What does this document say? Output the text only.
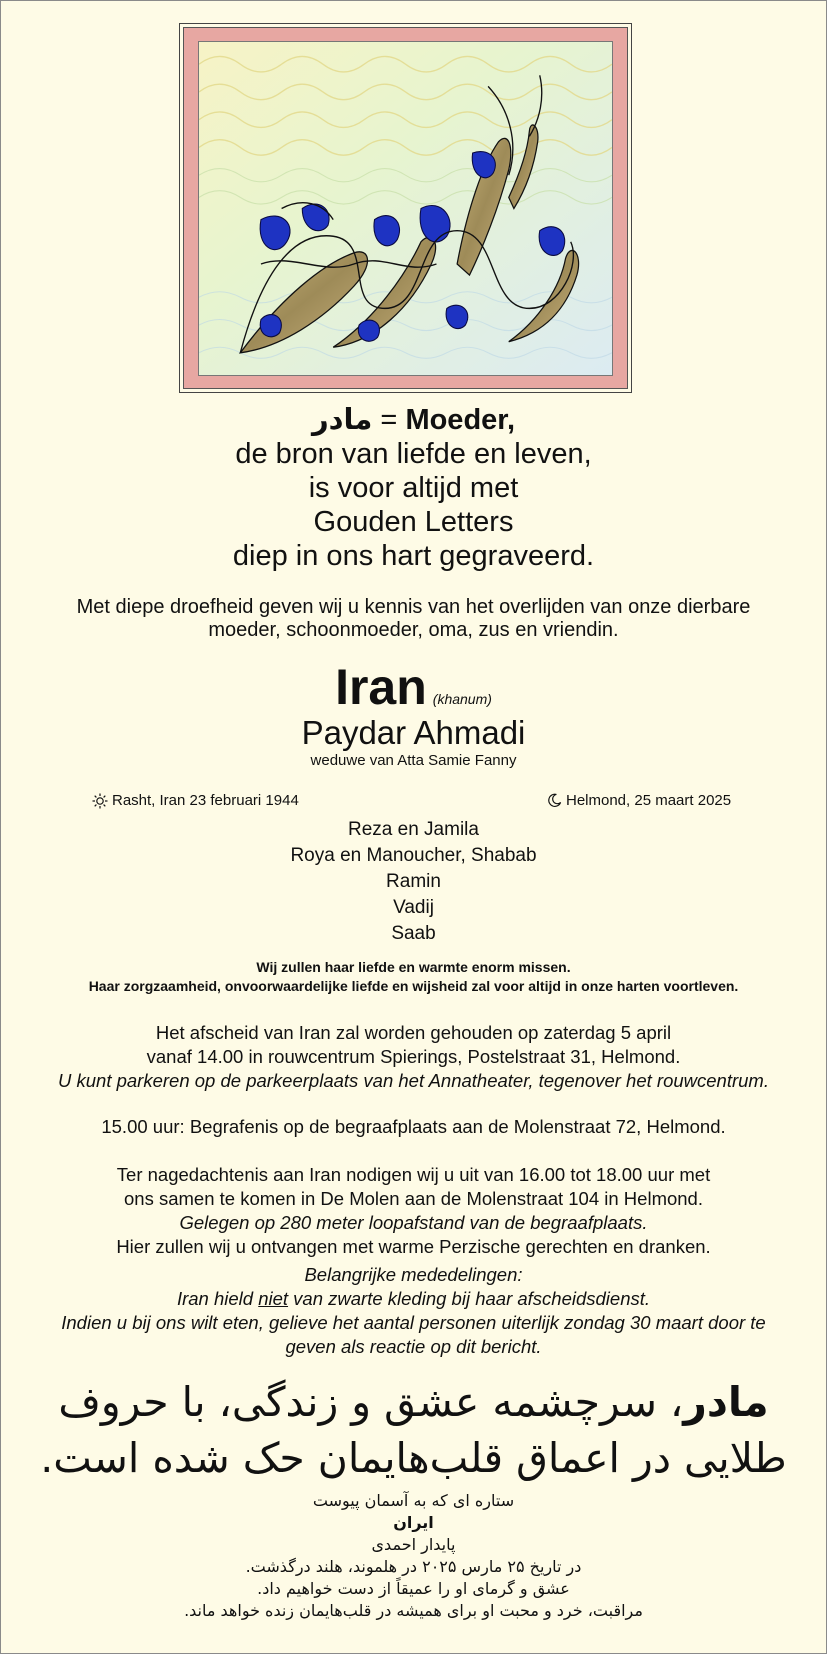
مادر = Moeder,
de bron van liefde en leven,
is voor altijd met
Gouden Letters
diep in ons hart gegraveerd.
Met diepe droefheid geven wij u kennis van het overlijden van onze dierbare
moeder, schoonmoeder, oma, zus en vriendin.
Iran (khanum)
Paydar Ahmadi
weduwe van Atta Samie Fanny
Rasht, Iran 23 februari 1944	Helmond, 25 maart 2025
Reza en Jamila
Roya en Manoucher, Shabab
Ramin
Vadij
Saab
Wij zullen haar liefde en warmte enorm missen.
Haar zorgzaamheid, onvoorwaardelijke liefde en wijsheid zal voor altijd in onze harten voortleven.
Het afscheid van Iran zal worden gehouden op zaterdag 5 april
vanaf 14.00 in rouwcentrum Spierings, Postelstraat 31, Helmond.
U kunt parkeren op de parkeerplaats van het Annatheater, tegenover het rouwcentrum.
15.00 uur: Begrafenis op de begraafplaats aan de Molenstraat 72, Helmond.
Ter nagedachtenis aan Iran nodigen wij u uit van 16.00 tot 18.00 uur met
ons samen te komen in De Molen aan de Molenstraat 104 in Helmond.
Gelegen op 280 meter loopafstand van de begraafplaats.
Hier zullen wij u ontvangen met warme Perzische gerechten en dranken.
Belangrijke mededelingen:
Iran hield niet van zwarte kleding bij haar afscheidsdienst.
Indien u bij ons wilt eten, gelieve het aantal personen uiterlijk zondag 30 maart door te
geven als reactie op dit bericht.
مادر، سرچشمه عشق و زندگی، با حروف
طلایی در اعماق قلب‌هایمان حک شده است.
ستاره ای که به آسمان پیوست
ایران
پایدار احمدی
در تاریخ ۲۵ مارس ۲۰۲۵ در هلموند، هلند درگذشت.
عشق و گرمای او را عمیقاً از دست خواهیم داد.
مراقبت، خرد و محبت او برای همیشه در قلب‌هایمان زنده خواهد ماند.
